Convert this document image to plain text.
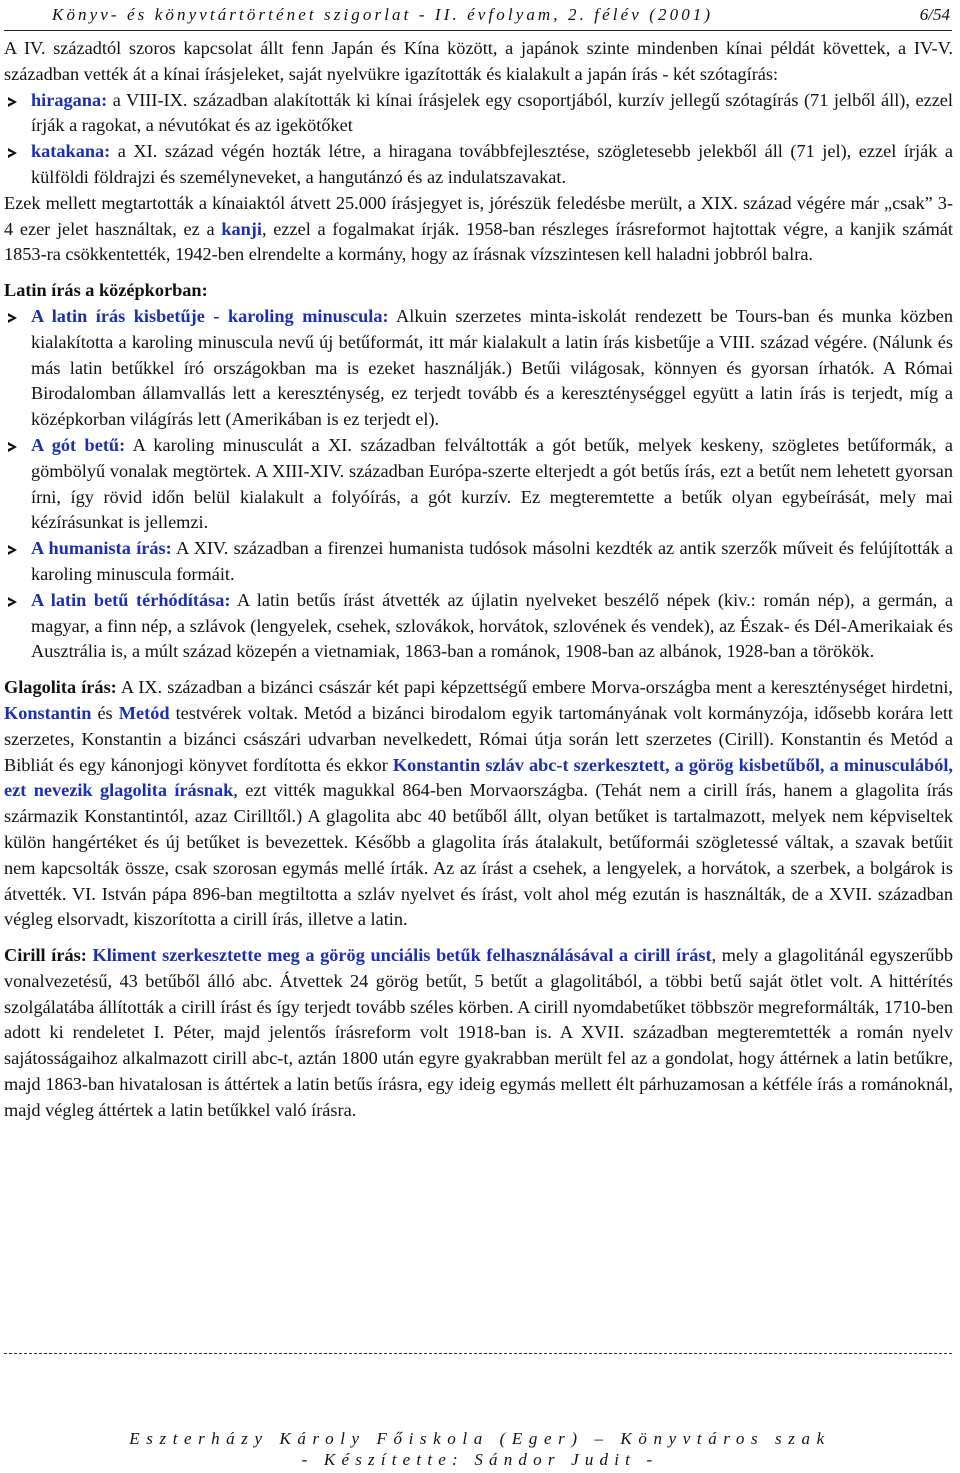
Könyv- és könyvtártörténet szigorlat - II. évfolyam, 2. félév (2001)	6/54

A IV. századtól szoros kapcsolat állt fenn Japán és Kína között, a japánok szinte mindenben kínai példát követtek, a IV-V. században vették át a kínai írásjeleket, saját nyelvükre igazították és kialakult a japán írás - két szótagírás:

hiragana: a VIII-IX. században alakították ki kínai írásjelek egy csoportjából, kurzív jellegű szótagírás (71 jelből áll), ezzel írják a ragokat, a névutókat és az igekötőket

katakana: a XI. század végén hozták létre, a hiragana továbbfejlesztése, szögletesebb jelekből áll (71 jel), ezzel írják a külföldi földrajzi és személyneveket, a hangutánzó és az indulatszavakat.

Ezek mellett megtartották a kínaiaktól átvett 25.000 írásjegyet is, jórészük feledésbe merült, a XIX. század végére már „csak” 3-4 ezer jelet használtak, ez a kanji, ezzel a fogalmakat írják. 1958-ban részleges írásreformot hajtottak végre, a kanjik számát 1853-ra csökkentették, 1942-ben elrendelte a kormány, hogy az írásnak vízszintesen kell haladni jobbról balra.

Latin írás a középkorban:

A latin írás kisbetűje - karoling minuscula: Alkuin szerzetes minta-iskolát rendezett be Tours-ban és munka közben kialakította a karoling minuscula nevű új betűformát, itt már kialakult a latin írás kisbetűje a VIII. század végére. (Nálunk és más latin betűkkel író országokban ma is ezeket használják.) Betűi világosak, könnyen és gyorsan írhatók. A Római Birodalomban államvallás lett a kereszténység, ez terjedt tovább és a kereszténységgel együtt a latin írás is terjedt, míg a középkorban világírás lett (Amerikában is ez terjedt el).

A gót betű: A karoling minusculát a XI. században felváltották a gót betűk, melyek keskeny, szögletes betűformák, a gömbölyű vonalak megtörtek. A XIII-XIV. században Európa-szerte elterjedt a gót betűs írás, ezt a betűt nem lehetett gyorsan írni, így rövid időn belül kialakult a folyóírás, a gót kurzív. Ez megteremtette a betűk olyan egybeírását, mely mai kézírásunkat is jellemzi.

A humanista írás: A XIV. században a firenzei humanista tudósok másolni kezdték az antik szerzők műveit és felújították a karoling minuscula formáit.

A latin betű térhódítása: A latin betűs írást átvették az újlatin nyelveket beszélő népek (kiv.: román nép), a germán, a magyar, a finn nép, a szlávok (lengyelek, csehek, szlovákok, horvátok, szlovének és vendek), az Észak- és Dél-Amerikaiak és Ausztrália is, a múlt század közepén a vietnamiak, 1863-ban a románok, 1908-ban az albánok, 1928-ban a törökök.

Glagolita írás: A IX. században a bizánci császár két papi képzettségű embere Morva-országba ment a kereszténységet hirdetni, Konstantin és Metód testvérek voltak. Metód a bizánci birodalom egyik tartományának volt kormányzója, idősebb korára lett szerzetes, Konstantin a bizánci császári udvarban nevelkedett, Római útja során lett szerzetes (Cirill). Konstantin és Metód a Bibliát és egy kánonjogi könyvet fordította és ekkor Konstantin szláv abc-t szerkesztett, a görög kisbetűből, a minusculából, ezt nevezik glagolita írásnak, ezt vitték magukkal 864-ben Morvaországba. (Tehát nem a cirill írás, hanem a glagolita írás származik Konstantintól, azaz Cirilltől.) A glagolita abc 40 betűből állt, olyan betűket is tartalmazott, melyek nem képviseltek külön hangértéket és új betűket is bevezettek. Később a glagolita írás átalakult, betűformái szögletessé váltak, a szavak betűit nem kapcsolták össze, csak szorosan egymás mellé írták. Az az írást a csehek, a lengyelek, a horvátok, a szerbek, a bolgárok is átvették. VI. István pápa 896-ban megtiltotta a szláv nyelvet és írást, volt ahol még ezután is használták, de a XVII. században végleg elsorvadt, kiszorította a cirill írás, illetve a latin.

Cirill írás: Kliment szerkesztette meg a görög unciális betűk felhasználásával a cirill írást, mely a glagolitánál egyszerűbb vonalvezetésű, 43 betűből álló abc. Átvettek 24 görög betűt, 5 betűt a glagolitából, a többi betű saját ötlet volt. A hittérítés szolgálatába állították a cirill írást és így terjedt tovább széles körben. A cirill nyomdabetűket többször megreformálták, 1710-ben adott ki rendeletet I. Péter, majd jelentős írásreform volt 1918-ban is. A XVII. században megteremtették a román nyelv sajátosságaihoz alkalmazott cirill abc-t, aztán 1800 után egyre gyakrabban merült fel az a gondolat, hogy áttérnek a latin betűkre, majd 1863-ban hivatalosan is áttértek a latin betűs írásra, egy ideig egymás mellett élt párhuzamosan a kétféle írás a románoknál, majd végleg áttértek a latin betűkkel való írásra.

Eszterházy Károly Főiskola (Eger) – Könyvtáros szak
- Készítette: Sándor Judit -
